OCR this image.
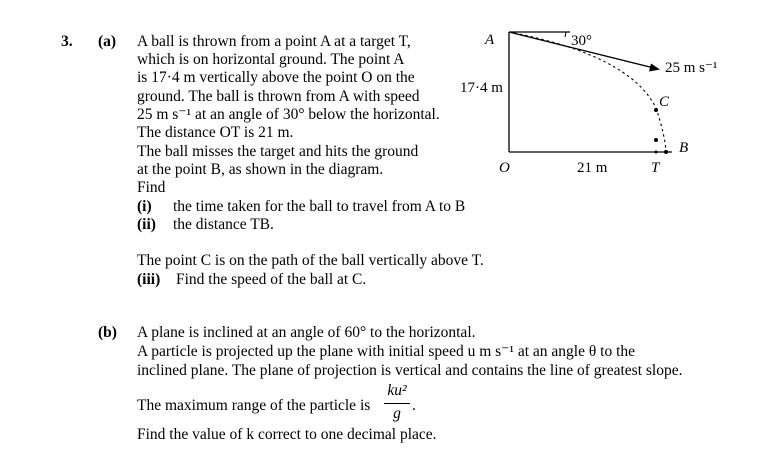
3. (a) A ball is thrown from a point A at a target T,
which is on horizontal ground. The point A
is 17·4 m vertically above the point O on the
ground. The ball is thrown from A with speed
25 m s⁻¹ at an angle of 30° below the horizontal.
The distance OT is 21 m.
The ball misses the target and hits the ground
at the point B, as shown in the diagram.
Find
(i) the time taken for the ball to travel from A to B
(ii) the distance TB.
The point C is on the path of the ball vertically above T.
(iii) Find the speed of the ball at C.
(b) A plane is inclined at an angle of 60° to the horizontal.
A particle is projected up the plane with initial speed u m s⁻¹ at an angle θ to the
inclined plane. The plane of projection is vertical and contains the line of greatest slope.
The maximum range of the particle is
ku²
g .
Find the value of k correct to one decimal place.
A	30°
25 m s⁻¹
17·4 m
C
B
O	21 m	T
